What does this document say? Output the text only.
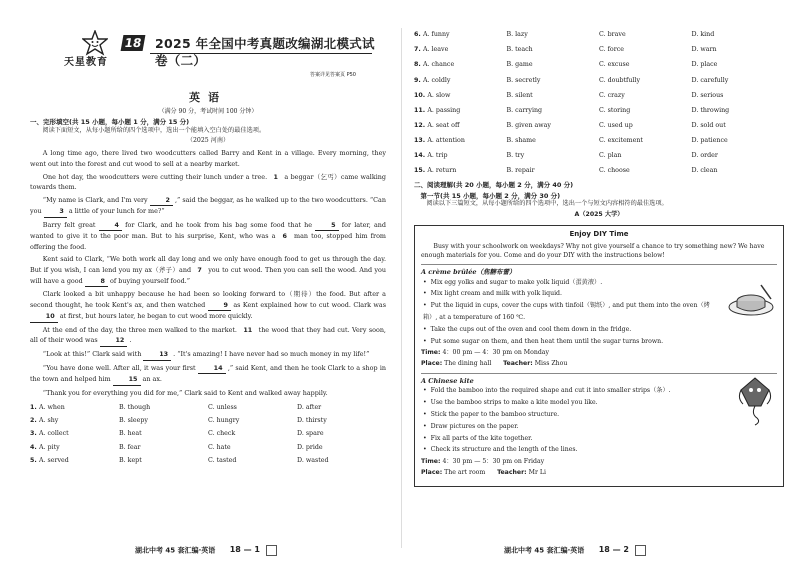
天星教育
18 2025 年全国中考真题改编湖北模式试卷（二）
英语
（满分 90 分，考试时间 100 分钟）
一、完形填空(共 15 小题，每小题 1 分，满分 15 分)
阅读下面短文，从每小题所给的四个选项中，选出一个能填入空白处的最佳选项。
（2025 河南）

A long time ago, there lived two woodcutters called Barry and Kent in a village. Every morning, they went out into the forest and cut wood to sell at a nearby market.

One hot day, the woodcutters were cutting their lunch under a tree. 1 a beggar（乞丐）came walking towards them.

“My name is Clark, and I'm very	2 ,” said the beggar, as he walked up to the two woodcutters. “Can you	3 a little of your lunch for me?”

Barry felt great	4 for Clark, and he took from his bag some food that he	5 for later, and wanted to give it to the poor man. But to his surprise, Kent, who was a 6 man too, stopped him from offering the food.

Kent said to Clark, “We both work all day long and we only have enough food to get us through the day. But if you wish, I can lend you my ax（斧子）and 7 you to cut wood. Then you can sell the wood. And you will have a good	8 of buying yourself food.”

Clark looked a bit unhappy because he had been so looking forward to（期待）the food. But after a second thought, he took Kent's ax, and then watched	9 as Kent explained how to cut wood. Clark was 10 at first, but hours later, he began to cut wood more quickly.

At the end of the day, the three men walked to the market. 11 the wood that they had cut. Very soon, all of their wood was	12 .

“Look at this!” Clark said with	13 . “It's amazing! I have never had so much money in my life!”

“You have done well. After all, it was your first	14 ,” said Kent, and then he took Clark to a shop in the town and helped him	15 an ax.

“Thank you for everything you did for me,” Clark said to Kent and walked away happily.

1. A. when	B. though	C. unless	D. after
2. A. shy	B. sleepy	C. hungry	D. thirsty
3. A. collect	B. heat	C. check	D. spare
4. A. pity	B. fear	C. hate	D. pride
5. A. served	B. kept	C. tasted	D. wasted
湖北中考 45 套汇编·英语 18 — 1
答案详见答案页 P50
6. A. funny	B. lazy	C. brave	D. kind
7. A. leave	B. teach	C. force	D. warn
8. A. chance	B. game	C. excuse	D. place
9. A. coldly	B. secretly	C. doubtfully	D. carefully
10. A. slow	B. silent	C. crazy	D. serious
11. A. passing	B. carrying	C. storing	D. throwing
12. A. seat off	B. given away	C. used up	D. sold out
13. A. attention	B. shame	C. excitement	D. patience
14. A. trip	B. try	C. plan	D. order
15. A. return	B. repair	C. choose	D. clean
二、阅读理解(共 20 小题，每小题 2 分，满分 40 分)
第一节(共 15 小题，每小题 2 分，满分 30 分)
阅读以下三篇短文，从每小题所给的四个选项中，选出一个与短文内容相符的最佳选项。
A（2025 大学）
Enjoy DIY Time

Busy with your schoolwork on weekdays? Why not give yourself a chance to try something new? We have enough materials for you. Come and do your DIY with the instructions below!

A crème brûlée（焦糖布蕾）
• Mix egg yolks and sugar to make yolk liquid（蛋黄液）.
• Mix light cream and milk with yolk liquid.
• Put the liquid in cups, cover the cups with tinfoil（锡纸）, and put them into the oven（烤箱）, at a temperature of 160 ℃.
• Take the cups out of the oven and cool them down in the fridge.
• Put some sugar on them, and then heat them until the sugar turns brown.
Time: 4：00 pm — 4：30 pm on Monday
Place: The dining hall Teacher: Miss Zhou
A Chinese kite
• Fold the bamboo into the required shape and cut it into smaller strips（条）.
• Use the bamboo strips to make a kite model you like.
• Stick the paper to the bamboo structure.
• Draw pictures on the paper.
• Fix all parts of the kite together.
• Check its structure and the length of the lines.
Time: 4：30 pm — 5：30 pm on Friday
Place: The art room Teacher: Mr Li
湖北中考 45 套汇编·英语 18 — 2
